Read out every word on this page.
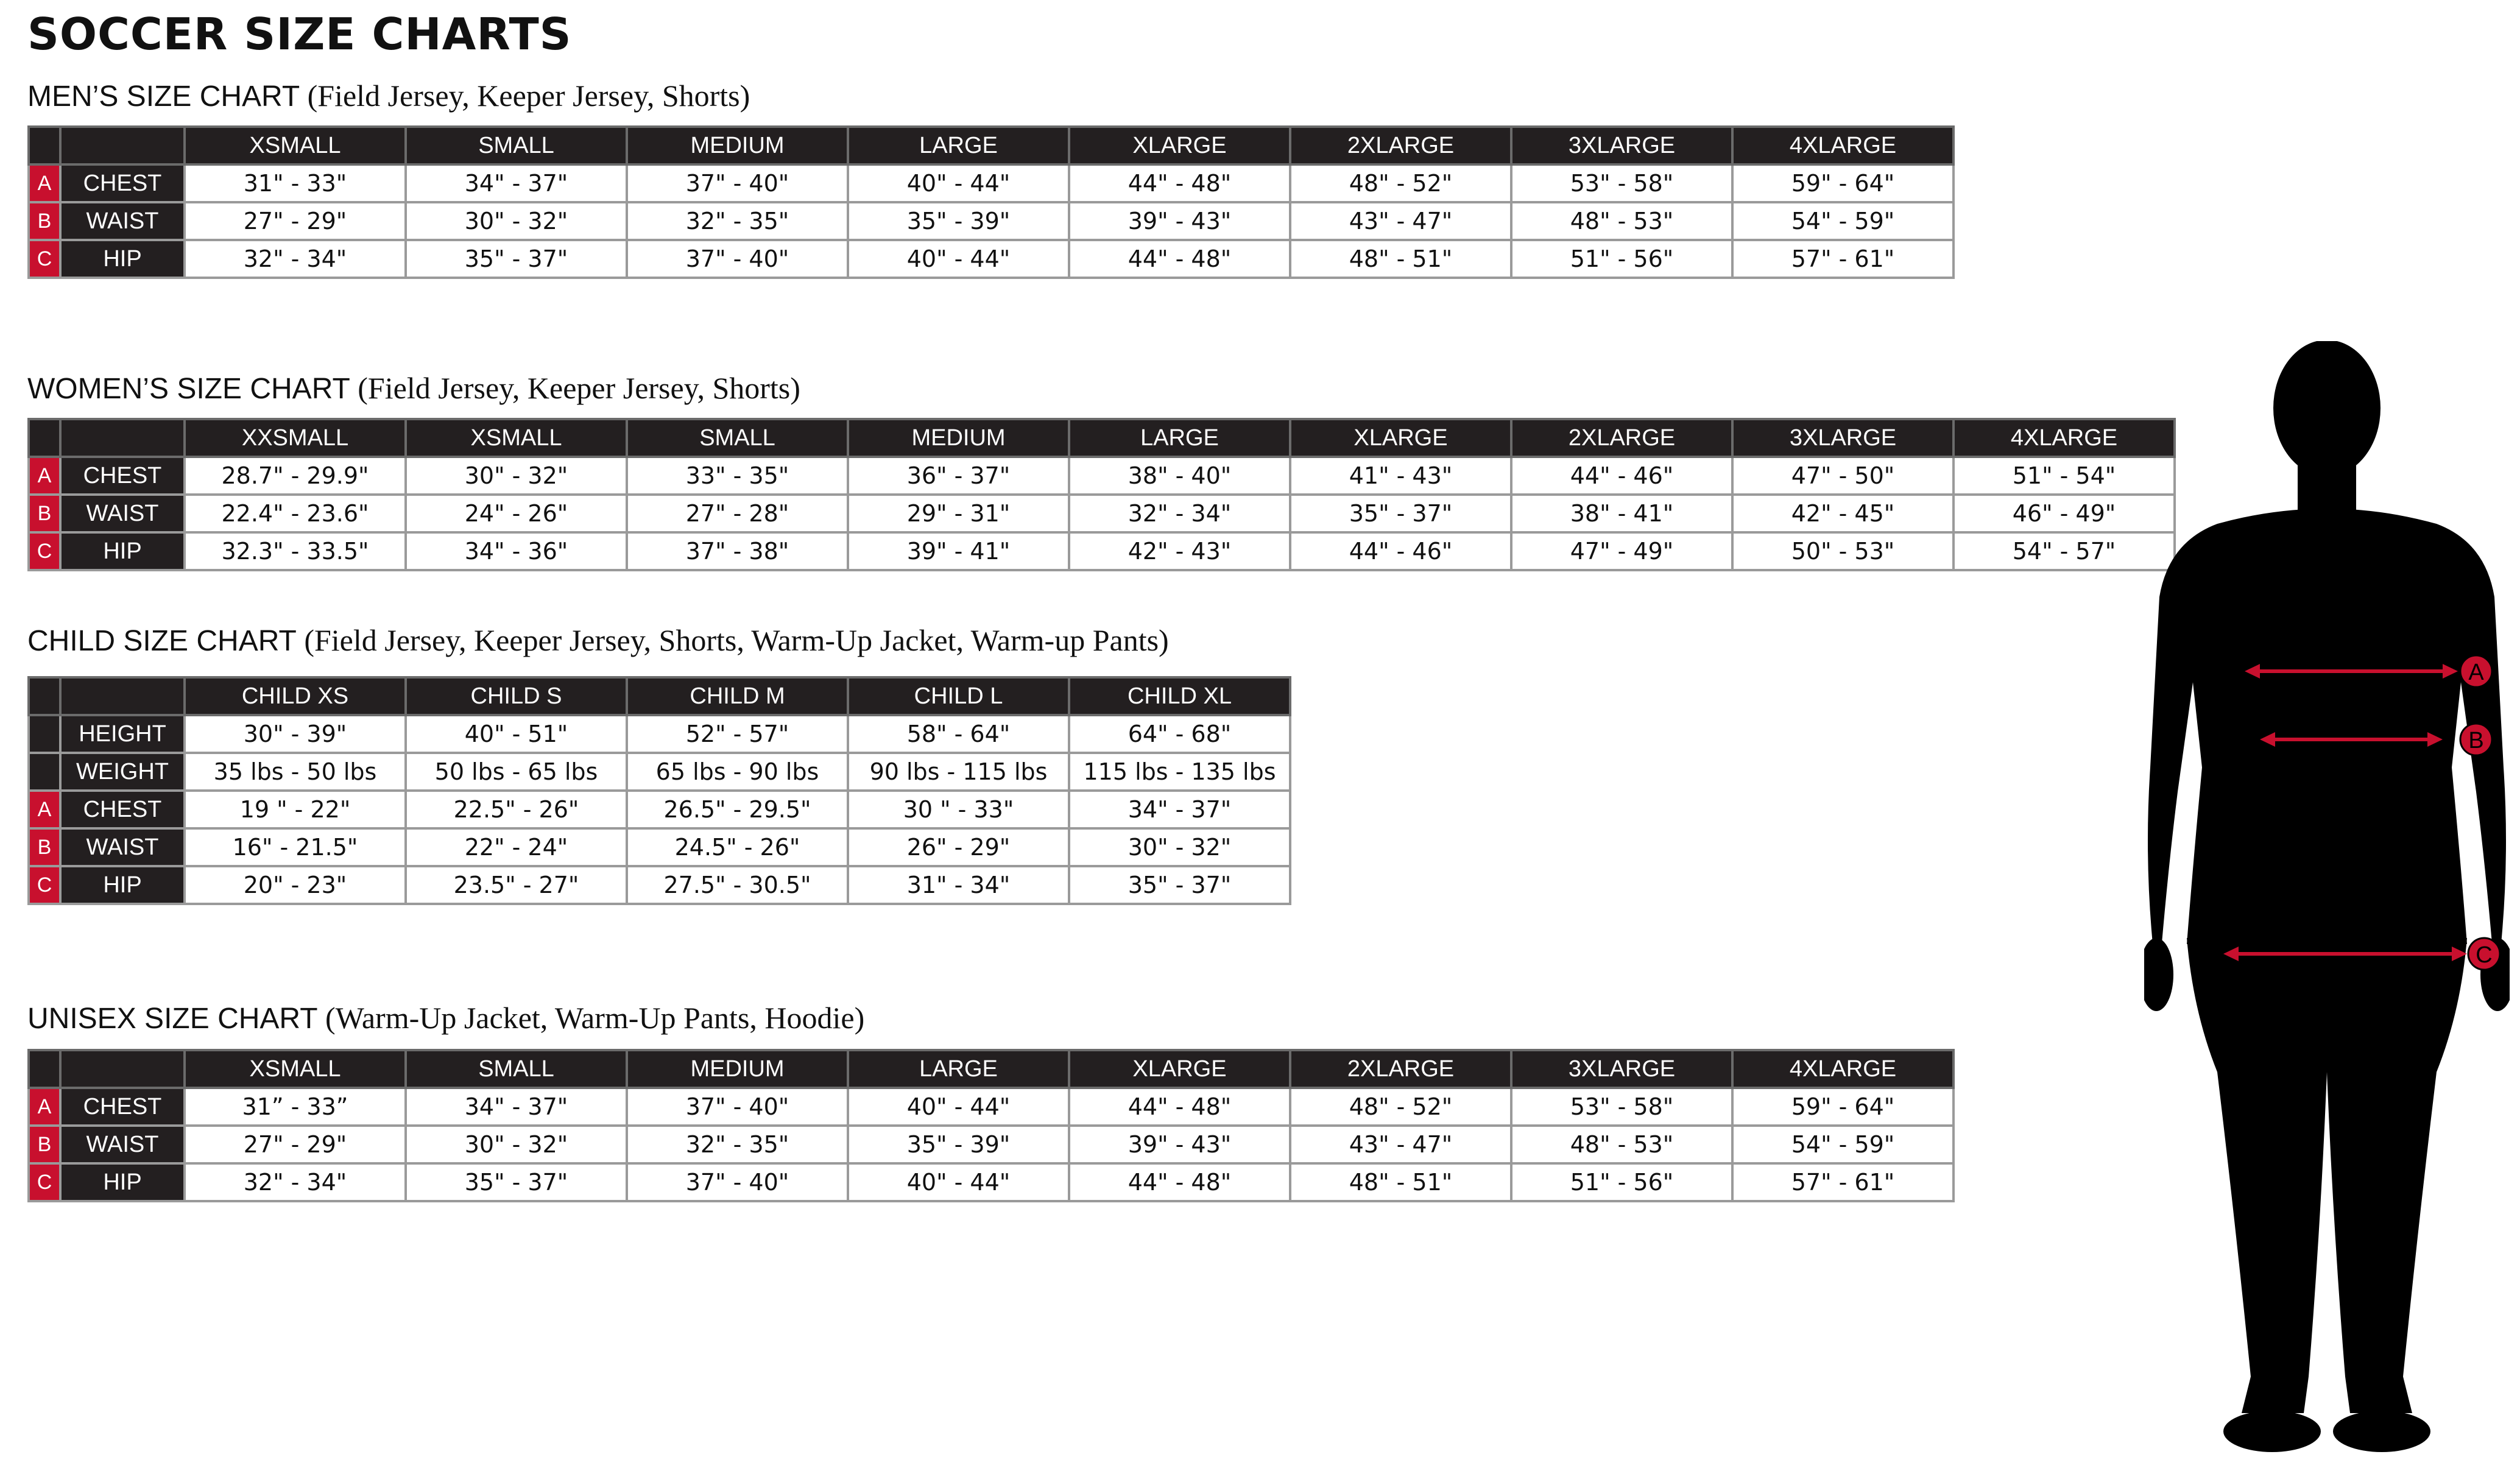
SOCCER SIZE CHARTS
MEN’S SIZE CHART (Field Jersey, Keeper Jersey, Shorts)
		XSMALL	SMALL	MEDIUM	LARGE	XLARGE	2XLARGE	3XLARGE	4XLARGE
A	CHEST	31" - 33"	34" - 37"	37" - 40"	40" - 44"	44" - 48"	48" - 52"	53" - 58"	59" - 64"
B	WAIST	27" - 29"	30" - 32"	32" - 35"	35" - 39"	39" - 43"	43" - 47"	48" - 53"	54" - 59"
C	HIP	32" - 34"	35" - 37"	37" - 40"	40" - 44"	44" - 48"	48" - 51"	51" - 56"	57" - 61"
WOMEN’S SIZE CHART (Field Jersey, Keeper Jersey, Shorts)
		XXSMALL	XSMALL	SMALL	MEDIUM	LARGE	XLARGE	2XLARGE	3XLARGE	4XLARGE
A	CHEST	28.7" - 29.9"	30" - 32"	33" - 35"	36" - 37"	38" - 40"	41" - 43"	44" - 46"	47" - 50"	51" - 54"
B	WAIST	22.4" - 23.6"	24" - 26"	27" - 28"	29" - 31"	32" - 34"	35" - 37"	38" - 41"	42" - 45"	46" - 49"
C	HIP	32.3" - 33.5"	34" - 36"	37" - 38"	39" - 41"	42" - 43"	44" - 46"	47" - 49"	50" - 53"	54" - 57"
CHILD SIZE CHART (Field Jersey, Keeper Jersey, Shorts, Warm-Up Jacket, Warm-up Pants)
		CHILD XS	CHILD S	CHILD M	CHILD L	CHILD XL
	HEIGHT	30" - 39"	40" - 51"	52" - 57"	58" - 64"	64" - 68"
	WEIGHT	35 lbs - 50 lbs	50 lbs - 65 lbs	65 lbs - 90 lbs	90 lbs - 115 lbs	115 lbs - 135 lbs
A	CHEST	19 " - 22"	22.5" - 26"	26.5" - 29.5"	30 " - 33"	34" - 37"
B	WAIST	16" - 21.5"	22" - 24"	24.5" - 26"	26" - 29"	30" - 32"
C	HIP	20" - 23"	23.5" - 27"	27.5" - 30.5"	31" - 34"	35" - 37"
UNISEX SIZE CHART (Warm-Up Jacket, Warm-Up Pants, Hoodie)
		XSMALL	SMALL	MEDIUM	LARGE	XLARGE	2XLARGE	3XLARGE	4XLARGE
A	CHEST	31” - 33”	34" - 37"	37" - 40"	40" - 44"	44" - 48"	48" - 52"	53" - 58"	59" - 64"
B	WAIST	27" - 29"	30" - 32"	32" - 35"	35" - 39"	39" - 43"	43" - 47"	48" - 53"	54" - 59"
C	HIP	32" - 34"	35" - 37"	37" - 40"	40" - 44"	44" - 48"	48" - 51"	51" - 56"	57" - 61"
A
B
C
